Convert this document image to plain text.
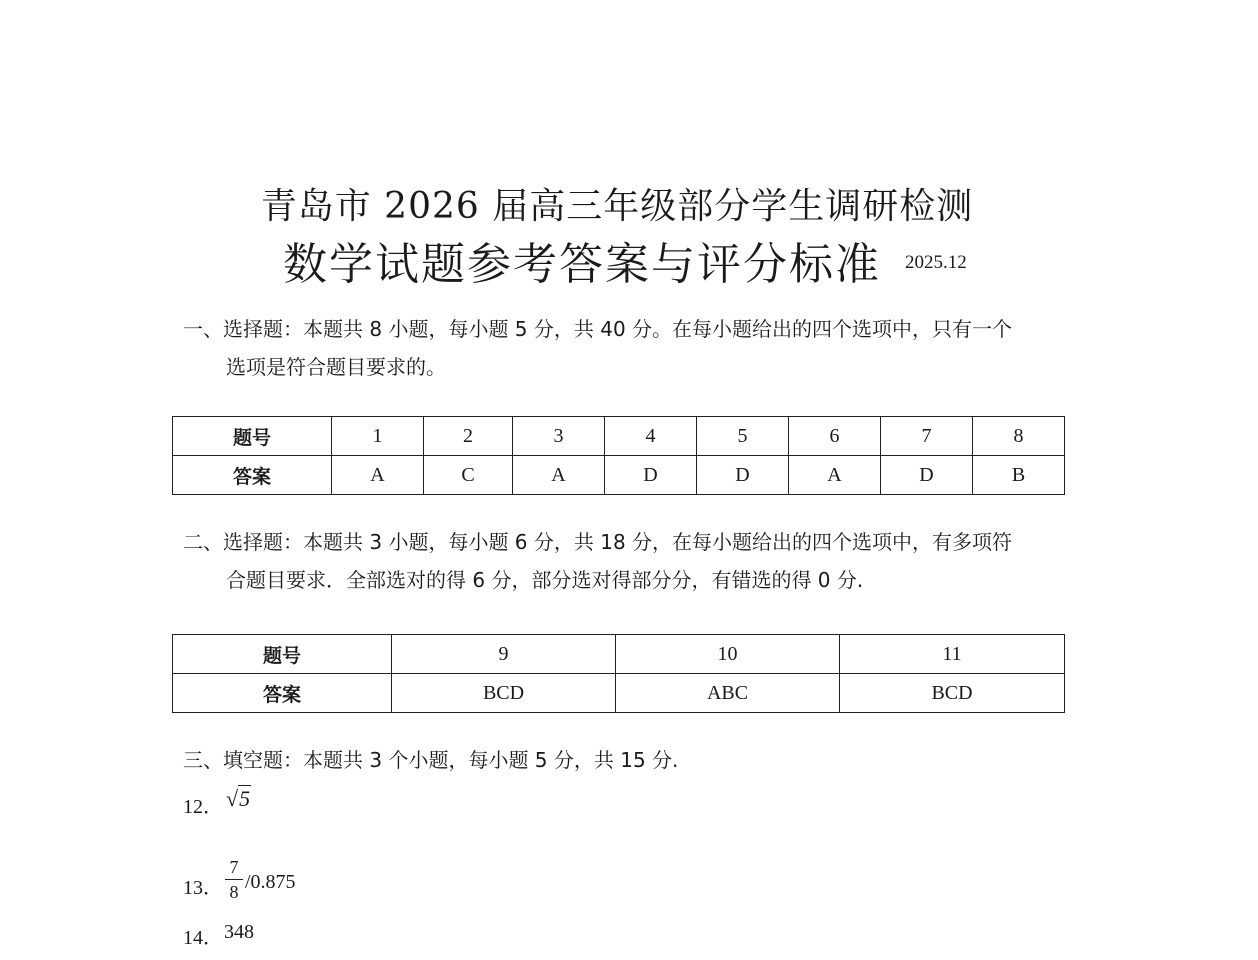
青岛市 2026 届高三年级部分学生调研检测
数学试题参考答案与评分标准 2025.12
一、选择题：本题共 8 小题，每小题 5 分，共 40 分。在每小题给出的四个选项中，只有一个
选项是符合题目要求的。
题号	1	2	3	4	5	6	7	8
答案	A	C	A	D	D	A	D	B
二、选择题：本题共 3 小题，每小题 6 分，共 18 分，在每小题给出的四个选项中，有多项符
合题目要求．全部选对的得 6 分，部分选对得部分分，有错选的得 0 分.
题号	9	10	11
答案	BCD	ABC	BCD
三、填空题：本题共 3 个小题，每小题 5 分，共 15 分.
12． √5
13．
7
8 /0.875
14． 348
